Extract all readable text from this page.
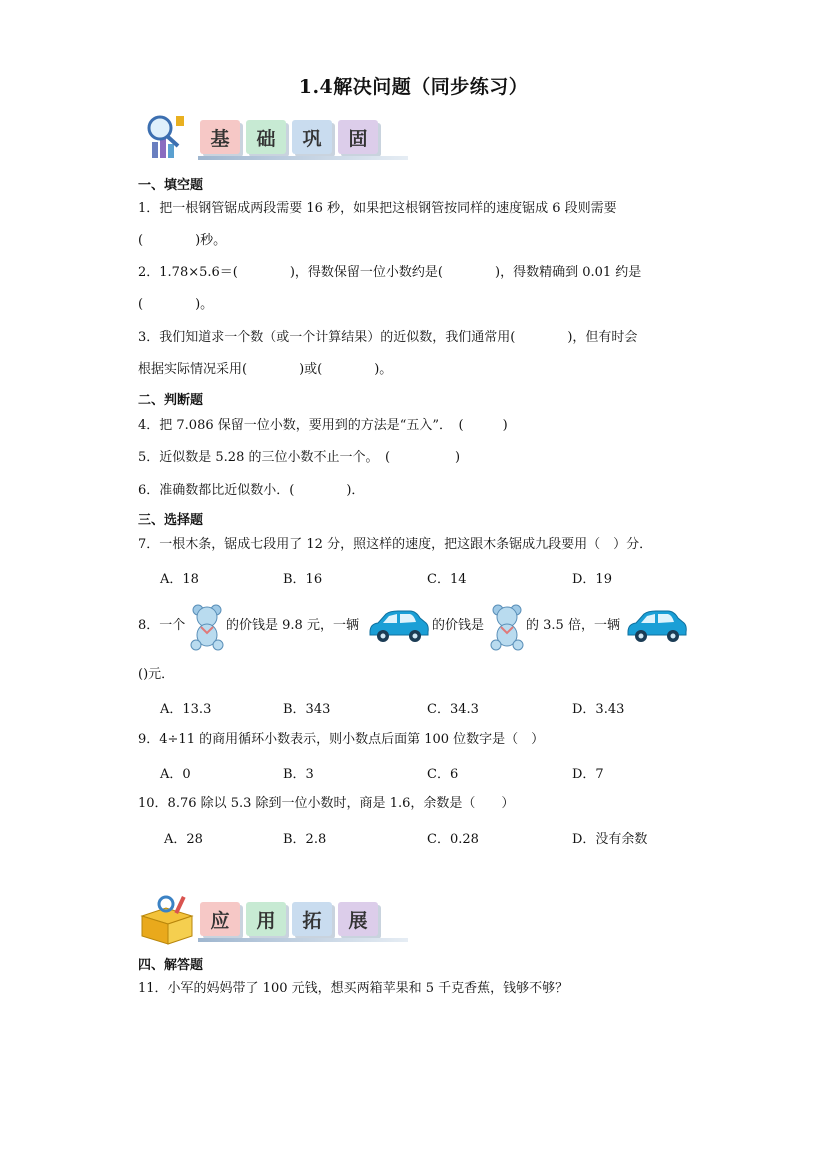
1.4解决问题（同步练习）
基	础	巩	固
一、填空题
1．把一根钢管锯成两段需要 16 秒，如果把这根钢管按同样的速度锯成 6 段则需要
(　　　　)秒。
2．1.78×5.6＝(　　　　)，得数保留一位小数约是(　　　　)，得数精确到 0.01 约是
(　　　　)。
3．我们知道求一个数（或一个计算结果）的近似数，我们通常用(　　　　)，但有时会
根据实际情况采用(　　　　)或(　　　　)。
二、判断题
4．把 7.086 保留一位小数，要用到的方法是“五入”．　(　　　)
5．近似数是 5.28 的三位小数不止一个。　(　　　　　)
6．准确数都比近似数小．(　　　　)．
三、选择题
7．一根木条，锯成七段用了 12 分，照这样的速度，把这跟木条锯成九段要用（　）分．
A．18	B．16	C．14	D．19
8．一个	的价钱是 9.8 元，一辆	的价钱是	的 3.5 倍，一辆
()元．
A．13.3	B．343	C．34.3	D．3.43
9．4÷11 的商用循环小数表示，则小数点后面第 100 位数字是（　）
A．0	B．3	C．6	D．7
10．8.76 除以 5.3 除到一位小数时，商是 1.6，余数是（　　）
A．28	B．2.8	C．0.28	D．没有余数
应	用	拓	展
四、解答题
11．小军的妈妈带了 100 元钱，想买两箱苹果和 5 千克香蕉，钱够不够？
